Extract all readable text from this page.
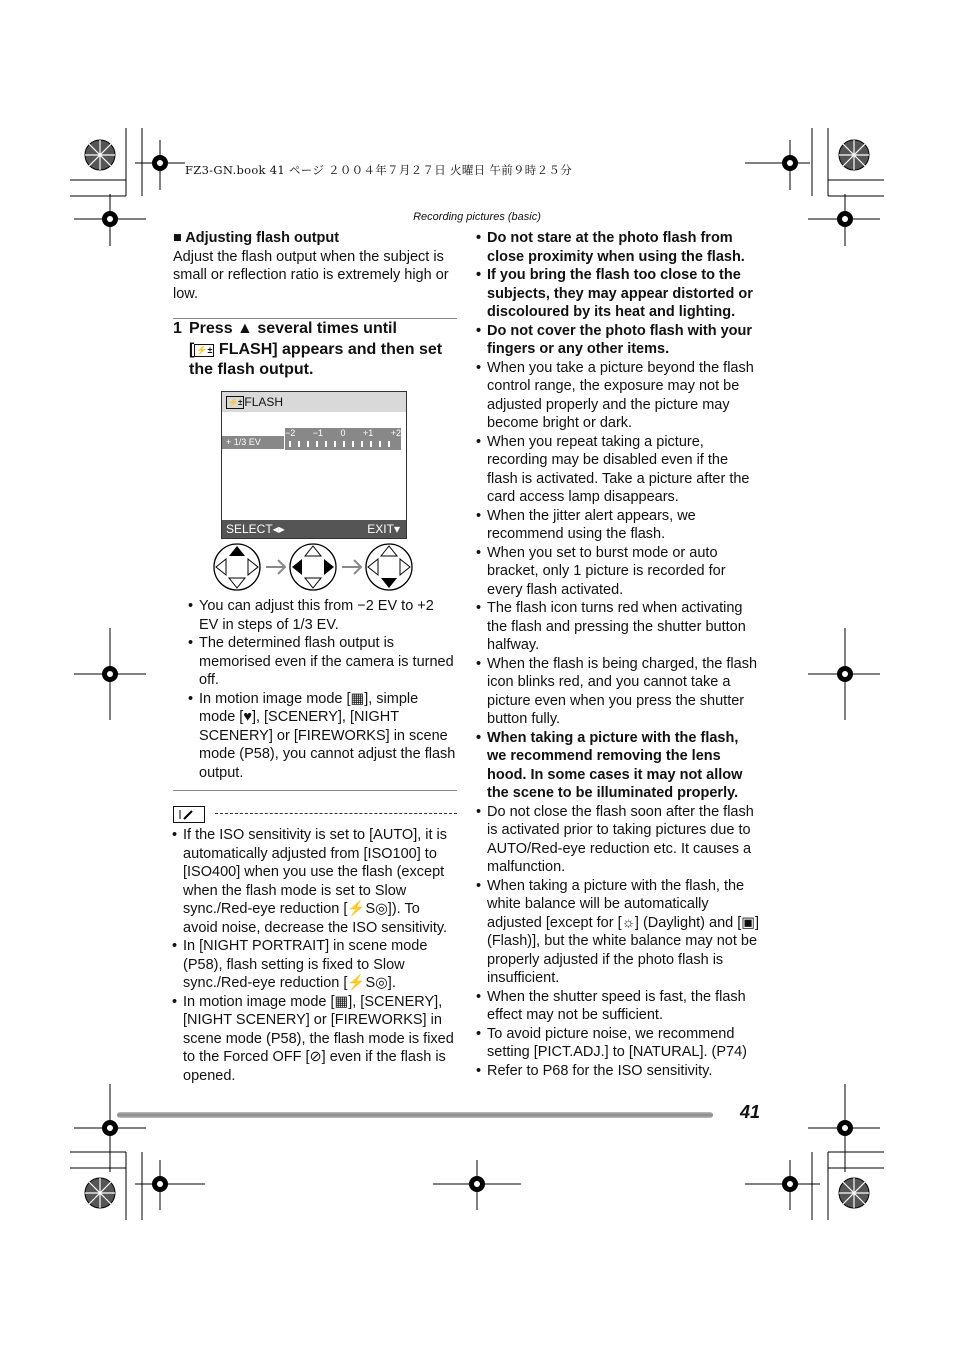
FZ3-GN.book 41 ページ ２００４年７月２７日 火曜日 午前９時２５分
Recording pictures (basic)

■ Adjusting flash output

Adjust the flash output when the subject is small or reflection ratio is extremely high or low.

1 Press ▲ several times until
[ ⚡± FLASH] appears and then set
the flash output.
⚡± FLASH
+ 1/3 EV
−2 −1 0 +1 +2
SELECT◂▸	EXIT▾
• You can adjust this from −2 EV to +2 EV in steps of 1/3 EV.
• The determined flash output is memorised even if the camera is turned off.
• In motion image mode [▦], simple mode [♥], [SCENERY], [NIGHT SCENERY] or [FIREWORKS] in scene mode (P58), you cannot adjust the flash output.
• If the ISO sensitivity is set to [AUTO], it is automatically adjusted from [ISO100] to [ISO400] when you use the flash (except when the flash mode is set to Slow sync./Red-eye reduction [⚡S◎]). To avoid noise, decrease the ISO sensitivity.
• In [NIGHT PORTRAIT] in scene mode (P58), flash setting is fixed to Slow sync./Red-eye reduction [⚡S◎].
• In motion image mode [▦], [SCENERY], [NIGHT SCENERY] or [FIREWORKS] in scene mode (P58), the flash mode is fixed to the Forced OFF [⊘] even if the flash is opened.
• Do not stare at the photo flash from close proximity when using the flash.
• If you bring the flash too close to the subjects, they may appear distorted or discoloured by its heat and lighting.
• Do not cover the photo flash with your fingers or any other items.
• When you take a picture beyond the flash control range, the exposure may not be adjusted properly and the picture may become bright or dark.
• When you repeat taking a picture, recording may be disabled even if the flash is activated. Take a picture after the card access lamp disappears.
• When the jitter alert appears, we recommend using the flash.
• When you set to burst mode or auto bracket, only 1 picture is recorded for every flash activated.
• The flash icon turns red when activating the flash and pressing the shutter button halfway.
• When the flash is being charged, the flash icon blinks red, and you cannot take a picture even when you press the shutter button fully.
• When taking a picture with the flash, we recommend removing the lens hood. In some cases it may not allow the scene to be illuminated properly.
• Do not close the flash soon after the flash is activated prior to taking pictures due to AUTO/Red-eye reduction etc. It causes a malfunction.
• When taking a picture with the flash, the white balance will be automatically adjusted [except for [☼] (Daylight) and [▣] (Flash)], but the white balance may not be properly adjusted if the photo flash is insufficient.
• When the shutter speed is fast, the flash effect may not be sufficient.
• To avoid picture noise, we recommend setting [PICT.ADJ.] to [NATURAL]. (P74)
• Refer to P68 for the ISO sensitivity.
41
